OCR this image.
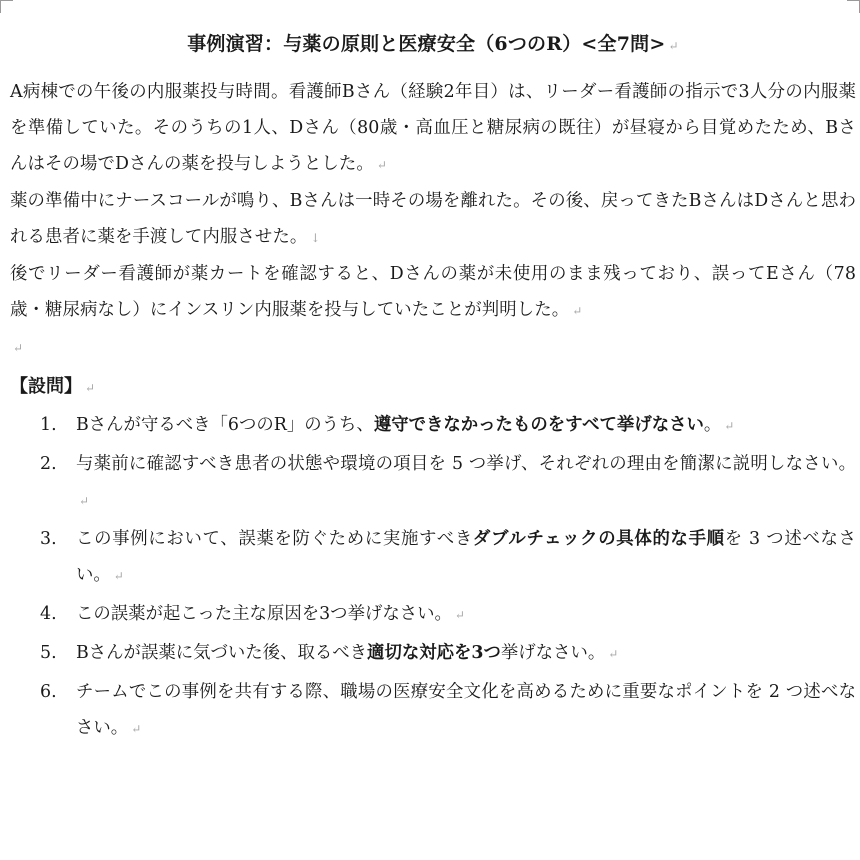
事例演習：与薬の原則と医療安全（6つのR）<全7問> ↵
A病棟での午後の内服薬投与時間。看護師Bさん（経験2年目）は、リーダー看護師の指示で3人分の内服薬を準備していた。そのうちの1人、Dさん（80歳・高血圧と糖尿病の既往）が昼寝から目覚めたため、Bさんはその場でDさんの薬を投与しようとした。 ↵
薬の準備中にナースコールが鳴り、Bさんは一時その場を離れた。その後、戻ってきたBさんはDさんと思われる患者に薬を手渡して内服させた。 ↓
後でリーダー看護師が薬カートを確認すると、Dさんの薬が未使用のまま残っており、誤ってEさん（78歳・糖尿病なし）にインスリン内服薬を投与していたことが判明した。 ↵
↵
【設問】 ↵
1. Bさんが守るべき「6つのR」のうち、遵守できなかったものをすべて挙げなさい。 ↵
2. 与薬前に確認すべき患者の状態や環境の項目を 5 つ挙げ、それぞれの理由を簡潔に説明しなさい。↵
3. この事例において、誤薬を防ぐために実施すべきダブルチェックの具体的な手順を 3 つ述べなさい。 ↵
4. この誤薬が起こった主な原因を3つ挙げなさい。 ↵
5. Bさんが誤薬に気づいた後、取るべき適切な対応を3つ挙げなさい。 ↵
6. チームでこの事例を共有する際、職場の医療安全文化を高めるために重要なポイントを 2 つ述べなさい。 ↵
